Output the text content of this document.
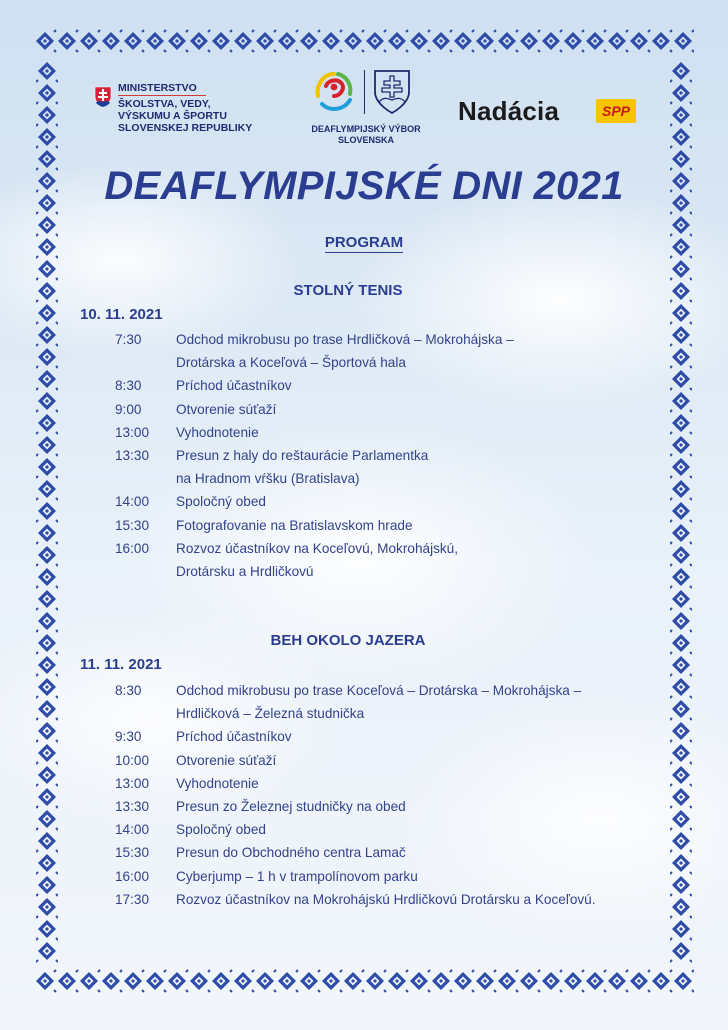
MINISTERSTVO
ŠKOLSTVA, VEDY,
VÝSKUMU A ŠPORTU
SLOVENSKEJ REPUBLIKY	DEAFLYMPIJSKÝ VÝBOR
SLOVENSKA
Nadácia	SPP
DEAFLYMPIJSKÉ DNI 2021
PROGRAM
STOLNÝ TENIS
10. 11. 2021
7:30	Odchod mikrobusu po trase Hrdličková – Mokrohájska –
Drotárska a Koceľová – Športová hala
8:30	Príchod účastníkov
9:00	Otvorenie súťaží
13:00 Vyhodnotenie
13:30 Presun z haly do reštaurácie Parlamentka
na Hradnom vŕšku (Bratislava)
14:00 Spoločný obed
15:30 Fotografovanie na Bratislavskom hrade
16:00 Rozvoz účastníkov na Koceľovú, Mokrohájskú,
Drotársku a Hrdličkovú
BEH OKOLO JAZERA
11. 11. 2021
8:30	Odchod mikrobusu po trase Koceľová – Drotárska – Mokrohájska –
Hrdličková – Železná studnička
9:30	Príchod účastníkov
10:00 Otvorenie súťaží
13:00 Vyhodnotenie
13:30 Presun zo Železnej studničky na obed
14:00 Spoločný obed
15:30 Presun do Obchodného centra Lamač
16:00 Cyberjump – 1 h v trampolínovom parku
17:30 Rozvoz účastníkov na Mokrohájskú Hrdličkovú Drotársku a Koceľovú.
